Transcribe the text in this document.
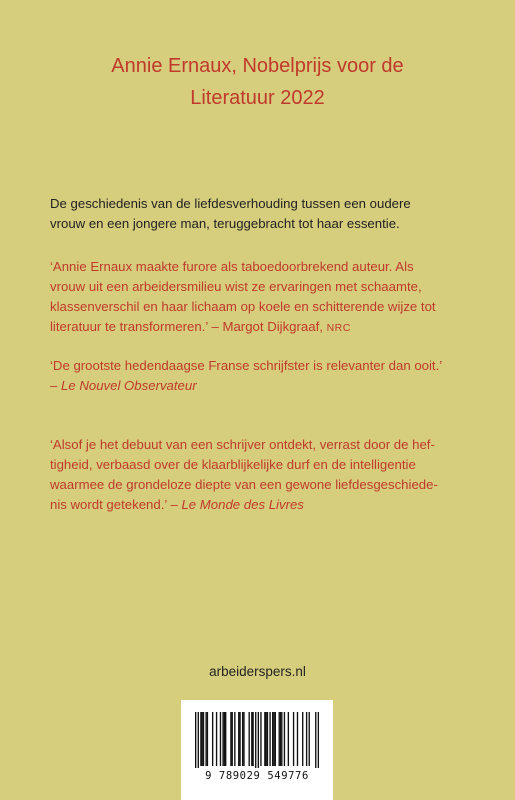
Annie Ernaux, Nobelprijs voor de
Literatuur 2022
De geschiedenis van de liefdesverhouding tussen een oudere
vrouw en een jongere man, teruggebracht tot haar essentie.
‘Annie Ernaux maakte furore als taboedoorbrekend auteur. Als
vrouw uit een arbeidersmilieu wist ze ervaringen met schaamte,
klassenverschil en haar lichaam op koele en schitterende wijze tot
literatuur te transformeren.’ – Margot Dijkgraaf, NRC
‘De grootste hedendaagse Franse schrijfster is relevanter dan ooit.’
– Le Nouvel Observateur
‘Alsof je het debuut van een schrijver ontdekt, verrast door de hef-
tigheid, verbaasd over de klaarblijkelijke durf en de intelligentie
waarmee de grondeloze diepte van een gewone liefdesgeschiede-
nis wordt getekend.’ – Le Monde des Livres
arbeiderspers.nl
9 789029 549776
